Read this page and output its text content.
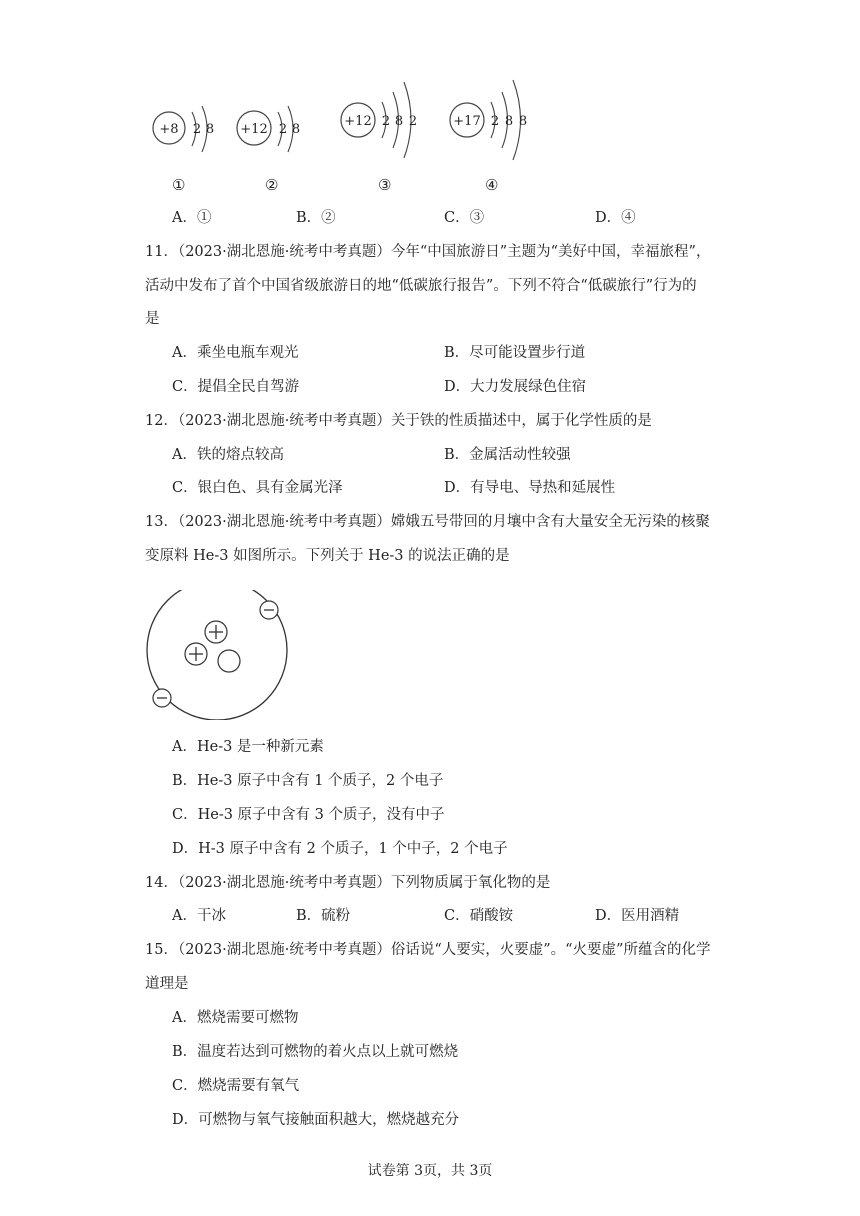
+8 2 8 +12 2 8
+12 2 8 2	+17 2 8 8
①	②	③	④
A．①	B．②	C．③	D．④
11．（2023·湖北恩施·统考中考真题）今年“中国旅游日”主题为“美好中国，幸福旅程”，
活动中发布了首个中国省级旅游日的地“低碳旅行报告”。下列不符合“低碳旅行”行为的
是
A．乘坐电瓶车观光	B．尽可能设置步行道
C．提倡全民自驾游	D．大力发展绿色住宿
12．（2023·湖北恩施·统考中考真题）关于铁的性质描述中，属于化学性质的是
A．铁的熔点较高	B．金属活动性较强
C．银白色、具有金属光泽	D．有导电、导热和延展性
13．（2023·湖北恩施·统考中考真题）嫦娥五号带回的月壤中含有大量安全无污染的核聚
变原料 He-3 如图所示。下列关于 He-3 的说法正确的是
A．He-3 是一种新元素
B．He-3 原子中含有 1 个质子，2 个电子
C．He-3 原子中含有 3 个质子，没有中子
D．H-3 原子中含有 2 个质子，1 个中子，2 个电子
14．（2023·湖北恩施·统考中考真题）下列物质属于氧化物的是
A．干冰	B．硫粉	C．硝酸铵	D．医用酒精
15．（2023·湖北恩施·统考中考真题）俗话说“人要实，火要虚”。“火要虚”所蕴含的化学
道理是
A．燃烧需要可燃物
B．温度若达到可燃物的着火点以上就可燃烧
C．燃烧需要有氧气
D．可燃物与氧气接触面积越大，燃烧越充分
试卷第 3页，共 3页
